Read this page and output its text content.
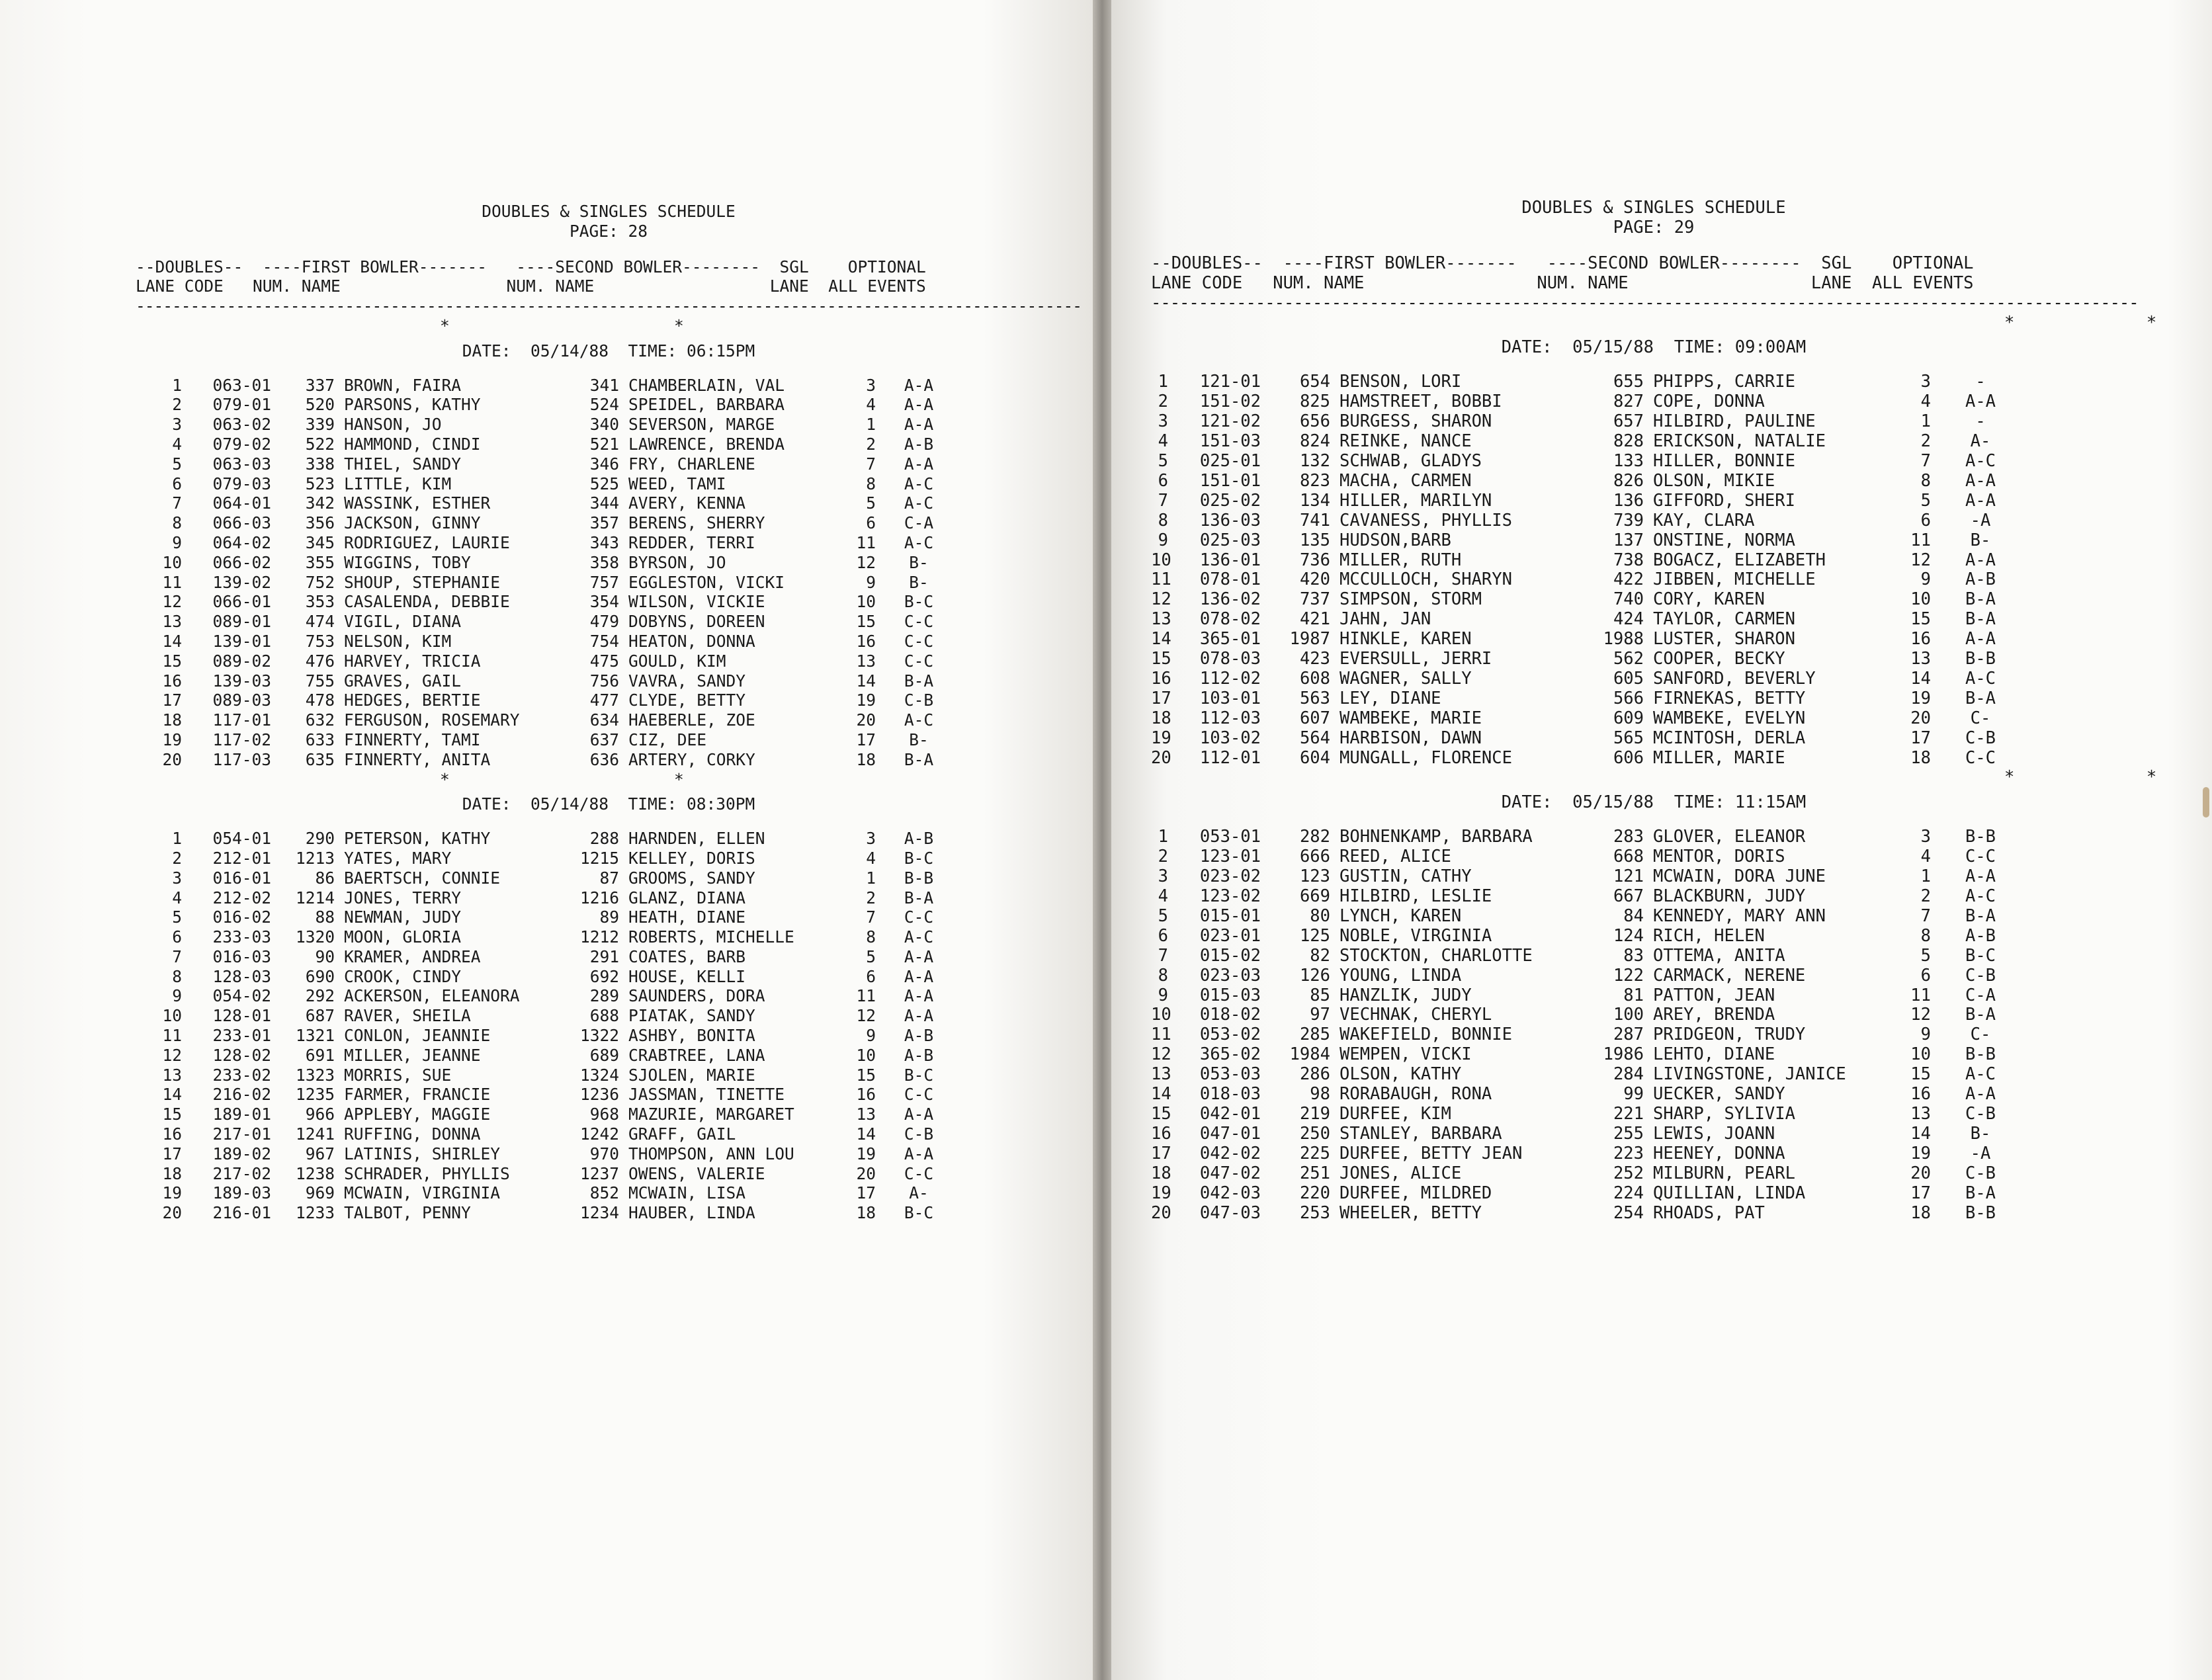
DOUBLES & SINGLES SCHEDULE
PAGE: 28
--DOUBLES--  ----FIRST BOWLER-------   ----SECOND BOWLER--------  SGL    OPTIONAL
LANE CODE   NUM. NAME                 NUM. NAME                  LANE  ALL EVENTS
--------------------------------------------------------------------------------------------------------
*                       *
DATE:  05/14/88  TIME: 06:15PM
1 063-01 337 BROWN, FAIRA	341 CHAMBERLAIN, VAL	3 A-A
2 079-01 520 PARSONS, KATHY	524 SPEIDEL, BARBARA	4 A-A
3 063-02 339 HANSON, JO	340 SEVERSON, MARGE	1 A-A
4 079-02 522 HAMMOND, CINDI	521 LAWRENCE, BRENDA	2 A-B
5 063-03 338 THIEL, SANDY	346 FRY, CHARLENE	7 A-A
6 079-03 523 LITTLE, KIM	525 WEED, TAMI	8 A-C
7 064-01 342 WASSINK, ESTHER	344 AVERY, KENNA	5 A-C
8 066-03 356 JACKSON, GINNY	357 BERENS, SHERRY	6 C-A
9 064-02 345 RODRIGUEZ, LAURIE	343 REDDER, TERRI	11 A-C
10 066-02 355 WIGGINS, TOBY	358 BYRSON, JO	12 B-
11 139-02 752 SHOUP, STEPHANIE	757 EGGLESTON, VICKI	9 B-
12 066-01 353 CASALENDA, DEBBIE	354 WILSON, VICKIE	10 B-C
13 089-01 474 VIGIL, DIANA	479 DOBYNS, DOREEN	15 C-C
14 139-01 753 NELSON, KIM	754 HEATON, DONNA	16 C-C
15 089-02 476 HARVEY, TRICIA	475 GOULD, KIM	13 C-C
16 139-03 755 GRAVES, GAIL	756 VAVRA, SANDY	14 B-A
17 089-03 478 HEDGES, BERTIE	477 CLYDE, BETTY	19 C-B
18 117-01 632 FERGUSON, ROSEMARY	634 HAEBERLE, ZOE	20 A-C
19 117-02 633 FINNERTY, TAMI	637 CIZ, DEE	17 B-
20 117-03 635 FINNERTY, ANITA	636 ARTERY, CORKY	18 B-A
*                       *
DATE:  05/14/88  TIME: 08:30PM
1 054-01 290 PETERSON, KATHY	288 HARNDEN, ELLEN	3 A-B
2 212-01 1213 YATES, MARY	1215 KELLEY, DORIS	4 B-C
3 016-01	86 BAERTSCH, CONNIE	87 GROOMS, SANDY	1 B-B
4 212-02 1214 JONES, TERRY	1216 GLANZ, DIANA	2 B-A
5 016-02	88 NEWMAN, JUDY	89 HEATH, DIANE	7 C-C
6 233-03 1320 MOON, GLORIA	1212 ROBERTS, MICHELLE	8 A-C
7 016-03	90 KRAMER, ANDREA	291 COATES, BARB	5 A-A
8 128-03 690 CROOK, CINDY	692 HOUSE, KELLI	6 A-A
9 054-02 292 ACKERSON, ELEANORA	289 SAUNDERS, DORA	11 A-A
10 128-01 687 RAVER, SHEILA	688 PIATAK, SANDY	12 A-A
11 233-01 1321 CONLON, JEANNIE	1322 ASHBY, BONITA	9 A-B
12 128-02 691 MILLER, JEANNE	689 CRABTREE, LANA	10 A-B
13 233-02 1323 MORRIS, SUE	1324 SJOLEN, MARIE	15 B-C
14 216-02 1235 FARMER, FRANCIE	1236 JASSMAN, TINETTE	16 C-C
15 189-01 966 APPLEBY, MAGGIE	968 MAZURIE, MARGARET	13 A-A
16 217-01 1241 RUFFING, DONNA	1242 GRAFF, GAIL	14 C-B
17 189-02 967 LATINIS, SHIRLEY	970 THOMPSON, ANN LOU	19 A-A
18 217-02 1238 SCHRADER, PHYLLIS	1237 OWENS, VALERIE	20 C-C
19 189-03 969 MCWAIN, VIRGINIA	852 MCWAIN, LISA	17 A-
20 216-01 1233 TALBOT, PENNY	1234 HAUBER, LINDA	18 B-C
DOUBLES & SINGLES SCHEDULE
PAGE: 29
--DOUBLES--  ----FIRST BOWLER-------   ----SECOND BOWLER--------  SGL    OPTIONAL
LANE CODE   NUM. NAME                 NUM. NAME                  LANE  ALL EVENTS
--------------------------------------------------------------------------------------------------------
*             *
DATE:  05/15/88  TIME: 09:00AM
1 121-01 654 BENSON, LORI	655 PHIPPS, CARRIE	3	-
2 151-02 825 HAMSTREET, BOBBI	827 COPE, DONNA	4 A-A
3 121-02 656 BURGESS, SHARON	657 HILBIRD, PAULINE	1	-
4 151-03 824 REINKE, NANCE	828 ERICKSON, NATALIE	2 A-
5 025-01 132 SCHWAB, GLADYS	133 HILLER, BONNIE	7 A-C
6 151-01 823 MACHA, CARMEN	826 OLSON, MIKIE	8 A-A
7 025-02 134 HILLER, MARILYN	136 GIFFORD, SHERI	5 A-A
8 136-03 741 CAVANESS, PHYLLIS	739 KAY, CLARA	6 -A
9 025-03 135 HUDSON,BARB	137 ONSTINE, NORMA	11 B-
10 136-01 736 MILLER, RUTH	738 BOGACZ, ELIZABETH	12 A-A
11 078-01 420 MCCULLOCH, SHARYN	422 JIBBEN, MICHELLE	9 A-B
12 136-02 737 SIMPSON, STORM	740 CORY, KAREN	10 B-A
13 078-02 421 JAHN, JAN	424 TAYLOR, CARMEN	15 B-A
14 365-01 1987 HINKLE, KAREN	1988 LUSTER, SHARON	16 A-A
15 078-03 423 EVERSULL, JERRI	562 COOPER, BECKY	13 B-B
16 112-02 608 WAGNER, SALLY	605 SANFORD, BEVERLY	14 A-C
17 103-01 563 LEY, DIANE	566 FIRNEKAS, BETTY	19 B-A
18 112-03 607 WAMBEKE, MARIE	609 WAMBEKE, EVELYN	20 C-
19 103-02 564 HARBISON, DAWN	565 MCINTOSH, DERLA	17 C-B
20 112-01 604 MUNGALL, FLORENCE	606 MILLER, MARIE	18 C-C
*             *
DATE:  05/15/88  TIME: 11:15AM
1 053-01 282 BOHNENKAMP, BARBARA	283 GLOVER, ELEANOR	3 B-B
2 123-01 666 REED, ALICE	668 MENTOR, DORIS	4 C-C
3 023-02 123 GUSTIN, CATHY	121 MCWAIN, DORA JUNE	1 A-A
4 123-02 669 HILBIRD, LESLIE	667 BLACKBURN, JUDY	2 A-C
5 015-01	80 LYNCH, KAREN	84 KENNEDY, MARY ANN	7 B-A
6 023-01 125 NOBLE, VIRGINIA	124 RICH, HELEN	8 A-B
7 015-02	82 STOCKTON, CHARLOTTE	83 OTTEMA, ANITA	5 B-C
8 023-03 126 YOUNG, LINDA	122 CARMACK, NERENE	6 C-B
9 015-03	85 HANZLIK, JUDY	81 PATTON, JEAN	11 C-A
10 018-02	97 VECHNAK, CHERYL	100 AREY, BRENDA	12 B-A
11 053-02 285 WAKEFIELD, BONNIE	287 PRIDGEON, TRUDY	9 C-
12 365-02 1984 WEMPEN, VICKI	1986 LEHTO, DIANE	10 B-B
13 053-03 286 OLSON, KATHY	284 LIVINGSTONE, JANICE	15 A-C
14 018-03	98 RORABAUGH, RONA	99 UECKER, SANDY	16 A-A
15 042-01 219 DURFEE, KIM	221 SHARP, SYLIVIA	13 C-B
16 047-01 250 STANLEY, BARBARA	255 LEWIS, JOANN	14 B-
17 042-02 225 DURFEE, BETTY JEAN	223 HEENEY, DONNA	19 -A
18 047-02 251 JONES, ALICE	252 MILBURN, PEARL	20 C-B
19 042-03 220 DURFEE, MILDRED	224 QUILLIAN, LINDA	17 B-A
20 047-03 253 WHEELER, BETTY	254 RHOADS, PAT	18 B-B
